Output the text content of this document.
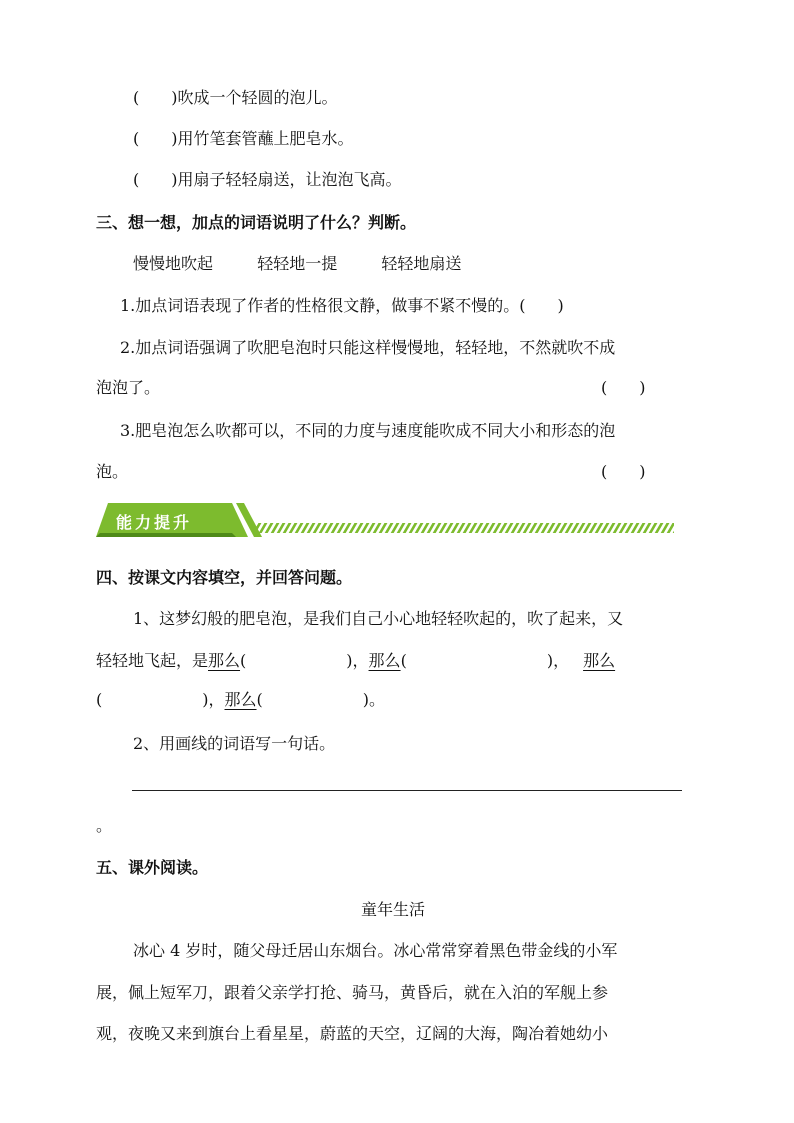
(　　)吹成一个轻圆的泡儿。
(　　)用竹笔套管蘸上肥皂水。
(　　)用扇子轻轻扇送，让泡泡飞高。
三、想一想，加点的词语说明了什么？判断。
慢慢地吹起	轻轻地一提	轻轻地扇送
1.加点词语表现了作者的性格很文静，做事不紧不慢的。(　　)
2.加点词语强调了吹肥皂泡时只能这样慢慢地，轻轻地，不然就吹不成
泡泡了。	(　　)
3.肥皂泡怎么吹都可以，不同的力度与速度能吹成不同大小和形态的泡
泡。	(　　)
能力提升
四、按课文内容填空，并回答问题。
1、这梦幻般的肥皂泡，是我们自己小心地轻轻吹起的，吹了起来，又
轻轻地飞起，是那么(	)，那么(	)， 那么
(	)，那么(	)。
2、用画线的词语写一句话。
。
五、课外阅读。
童年生活
冰心 4 岁时，随父母迁居山东烟台。冰心常常穿着黑色带金线的小军
展，佩上短军刀，跟着父亲学打抢、骑马，黄昏后，就在入泊的军舰上参
观，夜晚又来到旗台上看星星，蔚蓝的天空，辽阔的大海，陶冶着她幼小
